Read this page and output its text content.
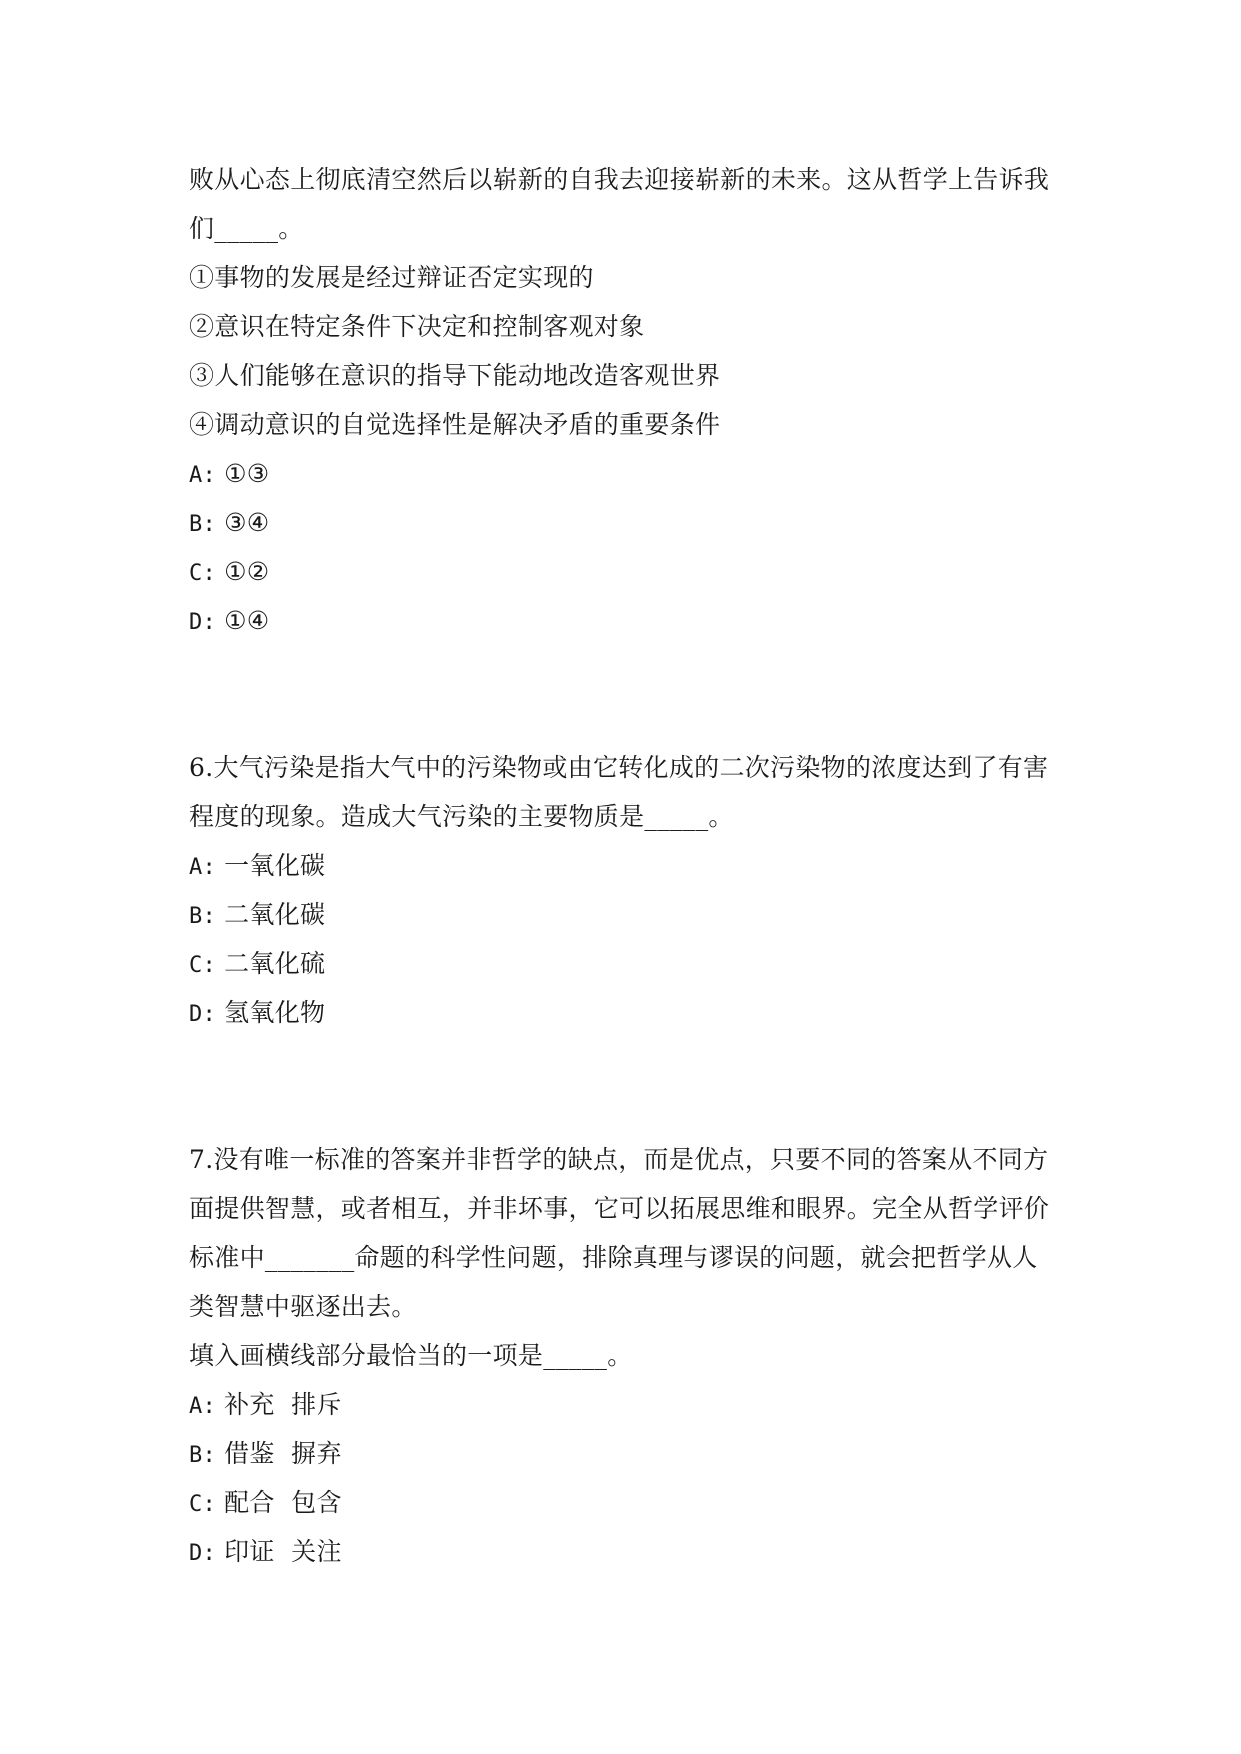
败从心态上彻底清空然后以崭新的自我去迎接崭新的未来。这从哲学上告诉我
们_____。
①事物的发展是经过辩证否定实现的
②意识在特定条件下决定和控制客观对象
③人们能够在意识的指导下能动地改造客观世界
④调动意识的自觉选择性是解决矛盾的重要条件
A: ①③
B: ③④
C: ①②
D: ①④
6.大气污染是指大气中的污染物或由它转化成的二次污染物的浓度达到了有害
程度的现象。造成大气污染的主要物质是_____。
A: 一氧化碳
B: 二氧化碳
C: 二氧化硫
D: 氢氧化物
7.没有唯一标准的答案并非哲学的缺点，而是优点，只要不同的答案从不同方
面提供智慧，或者相互，并非坏事，它可以拓展思维和眼界。完全从哲学评价
标准中_______命题的科学性问题，排除真理与谬误的问题，就会把哲学从人
类智慧中驱逐出去。
填入画横线部分最恰当的一项是_____。
A: 补充  排斥
B: 借鉴  摒弃
C: 配合  包含
D: 印证  关注
